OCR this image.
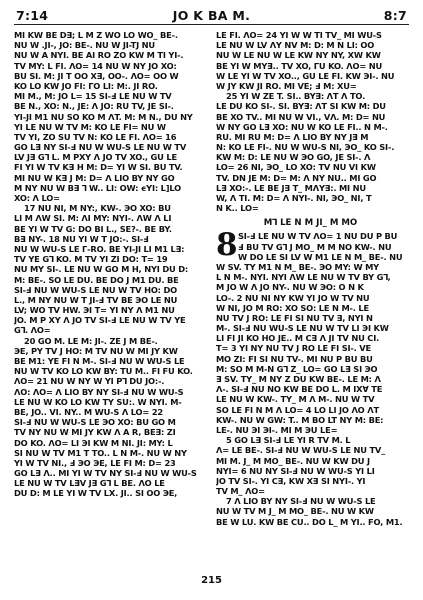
7:14	JO K BA M.	8:7
MI KW BE D∃; L M Z WO LO WO_ BE-.
NU W .JI-, JO: BE-. NU W JI-TJ NU
NU W A NYI. BE AI RO ZO KW M TI YI-.
TV MY: L FI. ΛO= 14 NU W NY JO XO:
BU SI. M: JI T OO X∃, OO-. ΛO= OO W
KO LO KW JO FI: ΓO LI: M:. JI RO.
MI M., M: JO L= 15 SI-Ⅎ LE NU W TV
BE N., XO: N., JE: Λ JO: RU TV, JE SI-.
YI-JI M1 NU SO KO M ΛT. M: M N., DU NY
YI LE NU W TV M: KO LE FI= NU W
TV YI, ZO SU TV N: KO LE FI. ΛO= 16
GO L∃ NY SI-Ⅎ NU W WU-S LE NU W TV
LV J∃ G⅂ L. M PXY Λ JO TV XO., GU LE
FI YI W TV K∃ H M: D= YI W SI. BU TV.
MI NU W K∃ J M: D= Λ LIO BY NY GO
M NY NU W B∃ ⅂ W.. LI: OW: ϵYI: L]LO
XO: Λ LO=
17 NU NI, M NY:, KW-. ЭO XO: BU
LI M ΛW SI. M: ΛI MY: NYI-. ΛW Λ LI
BE YI W TV G: DO BI L., SE?-. BE BY.
B∃ NY-. 18 NU YI W T JO:-. SI-Ⅎ
NU W WU-S LE Γ-RO. BE YI-JI LI M1 L∃:
TV YE G⅂ KO. M TV YI ZI DO: T= 19
NU MY SI-. LE NU W GO M H, NYI DU D:
M: BE-. SO LE DU. BE DO J M1 DU. BE
SI-Ⅎ NU W WU-S LE NU W TV HO: DO
L., M NY NU W T JI-Ⅎ TV BE ЭO LE NU
LV; WO TV HW. ЭI T= YI NY Λ M1 NU
JO. M P XY Λ JO TV SI-Ⅎ LE NU W TV YE
G⅂. ΛO=
20 GO M. LE M: JI-. ZE J M BE-.
ЭE, PY TV J HO: M TV NU W MI JY KW
BE M1: YE FI N M-. SI-Ⅎ NU W WU-S LE
NU W TV KO LO KW BY: TU M.. FI FU KO.
ΛO= 21 NU W NY W YI P⅂ DU JO:-.
ΛO: ΛO= Λ LIO BY NY SI-Ⅎ NU W WU-S
LE NU W KO LO KW TY SU:. W NYI. M-
BE, JO.. VI. NY.. M WU-S Λ LO= 22
SI-Ⅎ NU W WU-S LE ЭO XO: BU GO M
TV NY NU W MI JY KW Λ A R, BE∃: ZI
DO KO. ΛO= LI ЭI KW M NI. JI: MY: L
SI NU W TV M1 T TO.. L N M-. NU W NY
YI W TV NI., Ⅎ ЭO ЭE, LE FI M: D= 23
GO L∃ Λ.. MI YI W TV NY SI-Ⅎ NU W WU-S
LE NU W TV L∃V J∃ G⅂ L BE. ΛO LE
DU D: M LE YI W TV LX. JI.. SI OO ЭE,
LE FI. ΛO= 24 YI W W TI TV_ MI WU-S
LE NU W LV ΛY NV M: D: M N LI: OO
NU W LE NU W LE KW NY NY, XW KW
BE YI W MY∃.. TV XO, ΓU KO. ΛO= NU
W LE YI W TV XO.., GU LE FI. KW ЭI-. NU
W JY KW JI RO. MI VE; Ⅎ M: XU=
25 YI W ZE T. SI.. BY∃: ΛT Λ TO.
LE DU KO SI-. SI. BY∃: ΛT SI KW M: DU
BE XO TV.. MI NU W VI., VΛ. M: D= NU
W NY GO L∃ XO: NU W KO LE FI.. N M-.
RU. MI RU M: D= Λ LIO BY NY J∃ M
N: KO LE FI-. NU W WU-S NI, ЭO_ KO SI-.
KW M: D: LE NU W ЭO GO, JE SI-. Λ
LO= 26 NI, ЭO_ LO XO: TV NU VI KW
TV. DN JE M: D= M: Λ NY NU.. MI GO
L∃ XO:-. LE BE J∃ T_ MΛY∃:. MI NU
W, Λ TI. M: D= Λ NYI-. NI, ЭO_ NI, T
N K.. LO=
M⅂ LE N M JI_ M MO
8 SI-Ⅎ LE NU W TV ΛO= 1 NU DU P BU
Ⅎ BU TV G⅂ J MO_ M M NO KW-. NU
W DO LE SI LV W M1 LE N M_ BE-. NU
W SV. TY M1 N M_ BE-. ЭO MY: W MY
L N M-. NYI. NYI ΛW LE NU W TV BY G⅂,
M JO W Λ JO NY-. NU W ЭO: O N K
LO-. 2 NU NI NY KW YI JO W TV NU
W NI, JO M RO: XO SO: LE N M-. LE
NU TV J RO: LE FI SI NU TV ∃, NYI N
M-. SI-Ⅎ NU WU-S LE NU W TV LI ЭI KW
LI FI JI KO HO JE.. M C∃ Λ JI TV NU CI.
T= 3 YI NY NU TV J RO LE FI SI-. VE
MO ZI: FI SI NU TV-. MI NU P BU BU
M: SO M M-N G⅂ Z_ LO= GO L∃ SI ЭO
∃ SV. TY_ M NY Z DU KW BE-. LE M: Λ
Λ-. SI-Ⅎ NU NO KW BE DO L. M IX∀ TE
LE NU W KW-. TY_ M Λ M-. NU W TV
SO LE FI N M Λ LO= 4 LO LI JO ΛO ΛT
KW-. NU W GW: T.. M BO LT NY M: BE:
LE-. NU ЭI ЭI-. MI M ЭU LE=
5 GO L∃ SI-Ⅎ LE YI R TV M. L
Λ= LE BE-. SI-Ⅎ NU W WU-S LE NU TV_
MI M. J_ M MO_ BE-. NU W KW DU J
NYI= 6 NU NY SI-Ⅎ NU W WU-S YI LI
JO TV SI-. YI C∃, KW X∃ SI NYI-. YI
TV M_ ΛO=
7 Λ LIO BY NY SI-Ⅎ NU W WU-S LE
NU W TV M J_ M MO_ BE-. NU W KW
BE W LU. KW BE CU.. DO L_ M YI.. FO, M1.
215
